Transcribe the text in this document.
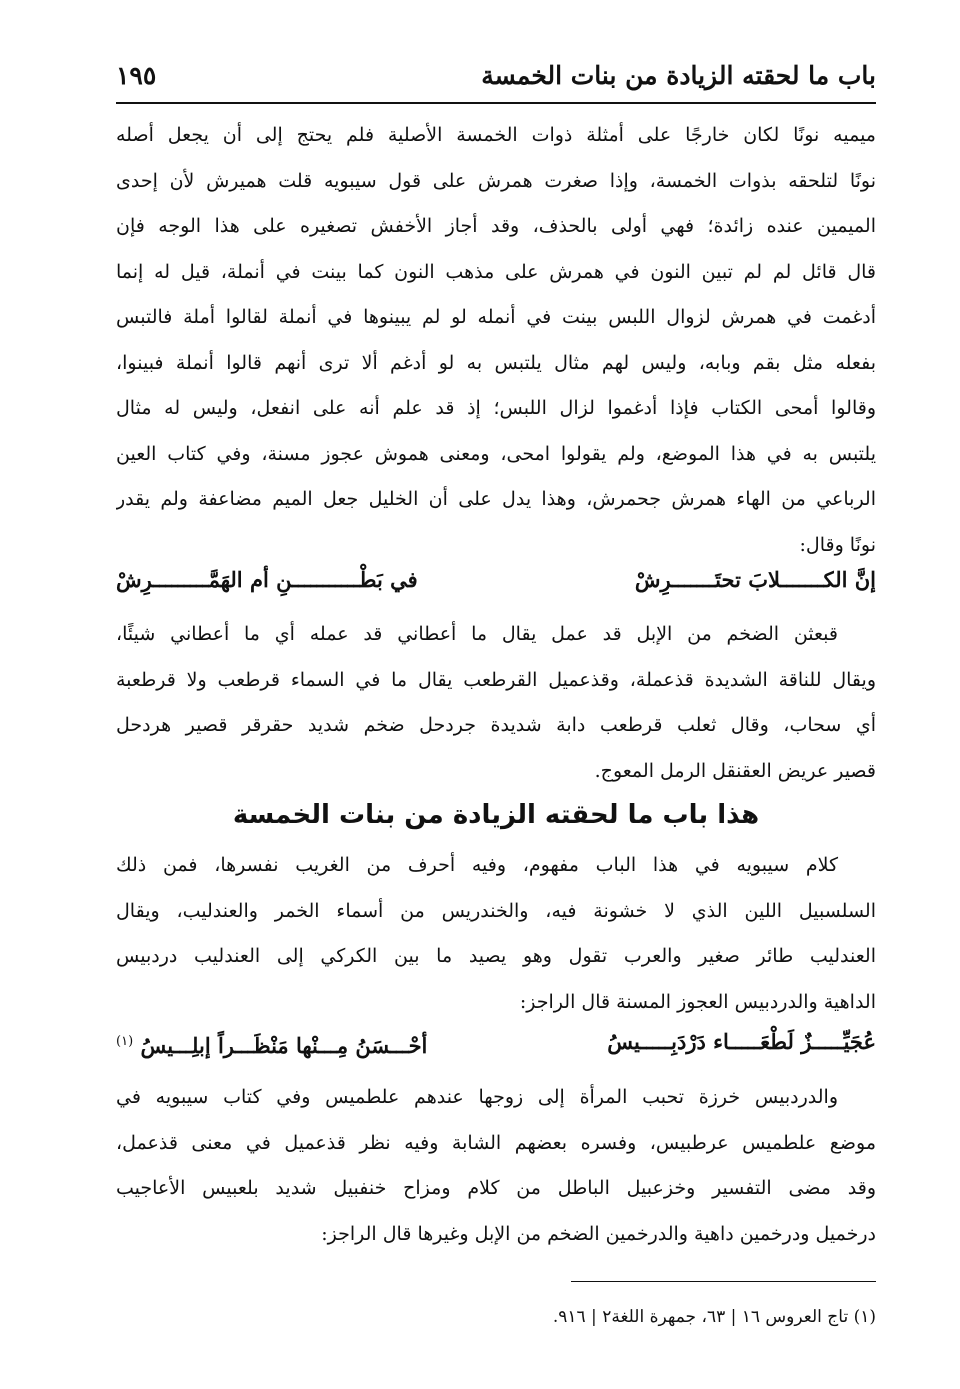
باب ما لحقته الزيادة من بنات الخمسة
١٩٥
ميميه نونًا لكان خارجًا على أمثلة ذوات الخمسة الأصلية فلم يحتج إلى أن يجعل أصله
نونًا لتلحقه بذوات الخمسة، وإذا صغرت همرش على قول سيبويه قلت هميرش لأن إحدى
الميمين عنده زائدة؛ فهي أولى بالحذف، وقد أجاز الأخفش تصغيره على هذا الوجه فإن
قال قائل لم لم تبين النون في همرش على مذهب النون كما بينت في أنملة، قيل له إنما
أدغمت في همرش لزوال اللبس بينت في أنمله لو لم يبينوها في أنملة لقالوا أملة فالتبس
بفعله مثل بقم وبابه، وليس لهم مثال يلتبس به لو أدغم ألا ترى أنهم قالوا أنملة فبينوا،
وقالوا أمحى الكتاب فإذا أدغموا لزال اللبس؛ إذ قد علم أنه على انفعل، وليس له مثال
يلتبس به في هذا الموضع، ولم يقولوا امحى، ومعنى هموش عجوز مسنة، وفي كتاب العين
الرباعي من الهاء همرش جحمرش، وهذا يدل على أن الخليل جعل الميم مضاعفة ولم يقدر
نونًا وقال:
إنَّ الكـــــــلابَ تحتَـــــــرِشْ
في بَطْـــــــــــنِ أم الهَمَّـــــــــرِشْ
قبعثن الضخم من الإبل قد عمل يقال ما أعطاني قد عمله أي ما أعطاني شيئًا،
ويقال للناقة الشديدة قذعملة، وقذعميل القرطعب يقال ما في السماء قرطعب ولا قرطعبة
أي سحاب، وقال ثعلب قرطعب دابة شديدة جردحل ضخم شديد حقرقر قصير هردحل
قصير عريض العقنقل الرمل المعوج.
هذا باب ما لحقته الزيادة من بنات الخمسة
كلام سيبويه في هذا الباب مفهوم، وفيه أحرف من الغريب نفسرها، فمن ذلك
السلسبيل اللين الذي لا خشونة فيه، والخندريس من أسماء الخمر والعندليب، ويقال
العندليب طائر صغير والعرب تقول وهو يصيد ما بين الكركي إلى العندليب دردبيس
الداهية والدردبيس العجوز المسنة قال الراجز:
عُجَيِّـــــزٌ لَطْعَـــــاء دَرْدَبِـــــيسُ
أحْـــسَنُ مِـــنْها مَنْظَـــراً إبلِـــيسُ $^{(١)}$
والدردبيس خرزة تحبب المرأة إلى زوجها عندهم علطميس وفي كتاب سيبويه في
موضع علطميس عرطبيس، وفسره بعضهم الشابة وفيه نظر قذعميل في معنى قذعمل،
وقد مضى التفسير وخزعبيل الباطل من كلام ومزاح خنفبيل شديد بلعبيس الأعاجيب
درخميل ودرخمين داهية والدرخمين الضخم من الإبل وغيرها قال الراجز:
(١) تاج العروس ١٦ | ٦٣، جمهرة اللغة٢ | ٩١٦.
